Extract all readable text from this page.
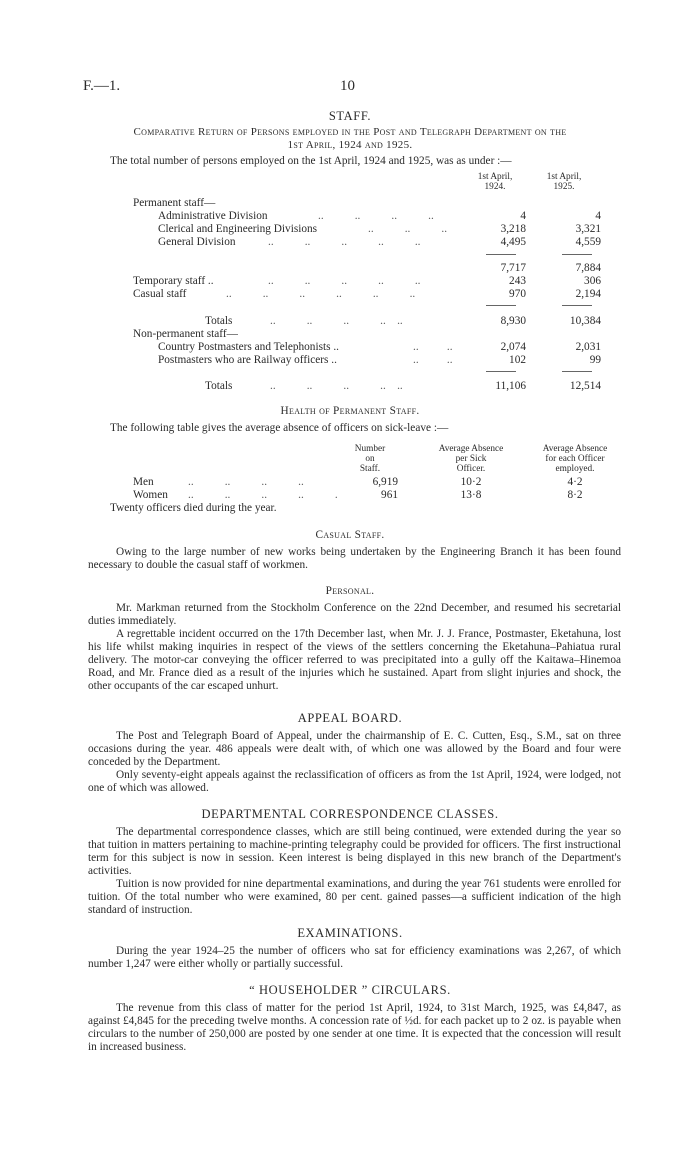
F.—1.	10
STAFF.
Comparative Return of Persons employed in the Post and Telegraph Department on the
1st April, 1924 and 1925.
The total number of persons employed on the 1st April, 1924 and 1925, was as under :—
1st April,
1924.
1st April,
1925.
Permanent staff—
Administrative Division	..           ..           ..           ..	4	4
Clerical and Engineering Divisions	..           ..           ..	3,218	3,321
General Division	..           ..           ..           ..           ..	4,495	4,559
7,717	7,884
Temporary staff ..	..           ..           ..           ..           ..	243	306
Casual staff	..           ..           ..           ..           ..           ..	970	2,194
Totals	..           ..           ..           ..    ..	8,930	10,384
Non-permanent staff—
Country Postmasters and Telephonists ..	..          ..	2,074	2,031
Postmasters who are Railway officers ..	..          ..	102	99
Totals	..           ..           ..           ..    ..	11,106	12,514
Health of Permanent Staff.
The following table gives the average absence of officers on sick-leave :—
Number
on
Staff.
Average Absence
per Sick
Officer.
Average Absence
for each Officer
employed.
Men	..           ..           ..           ..	6,919	10·2	4·2
Women ..           ..           ..           ..           .	961	13·8	8·2
Twenty officers died during the year.
Casual Staff.

Owing to the large number of new works being undertaken by the Engineering Branch it has been found necessary to double the casual staff of workmen.

Personal.

Mr. Markman returned from the Stockholm Conference on the 22nd December, and resumed his secretarial duties immediately.

A regrettable incident occurred on the 17th December last, when Mr. J. J. France, Postmaster, Eketahuna, lost his life whilst making inquiries in respect of the views of the settlers concerning the Eketahuna–Pahiatua rural delivery. The motor-car conveying the officer referred to was precipitated into a gully off the Kaitawa–Hinemoa Road, and Mr. France died as a result of the injuries which he sustained. Apart from slight injuries and shock, the other occupants of the car escaped unhurt.

APPEAL BOARD.

The Post and Telegraph Board of Appeal, under the chairmanship of E. C. Cutten, Esq., S.M., sat on three occasions during the year. 486 appeals were dealt with, of which one was allowed by the Board and four were conceded by the Department.

Only seventy-eight appeals against the reclassification of officers as from the 1st April, 1924, were lodged, not one of which was allowed.

DEPARTMENTAL CORRESPONDENCE CLASSES.

The departmental correspondence classes, which are still being continued, were extended during the year so that tuition in matters pertaining to machine-printing telegraphy could be provided for officers. The first instructional term for this subject is now in session. Keen interest is being displayed in this new branch of the Department's activities.

Tuition is now provided for nine departmental examinations, and during the year 761 students were enrolled for tuition. Of the total number who were examined, 80 per cent. gained passes—a sufficient indication of the high standard of instruction.

EXAMINATIONS.

During the year 1924–25 the number of officers who sat for efficiency examinations was 2,267, of which number 1,247 were either wholly or partially successful.

“ HOUSEHOLDER ” CIRCULARS.

The revenue from this class of matter for the period 1st April, 1924, to 31st March, 1925, was £4,847, as against £4,845 for the preceding twelve months. A concession rate of ½d. for each packet up to 2 oz. is payable when circulars to the number of 250,000 are posted by one sender at one time. It is expected that the concession will result in increased business.
